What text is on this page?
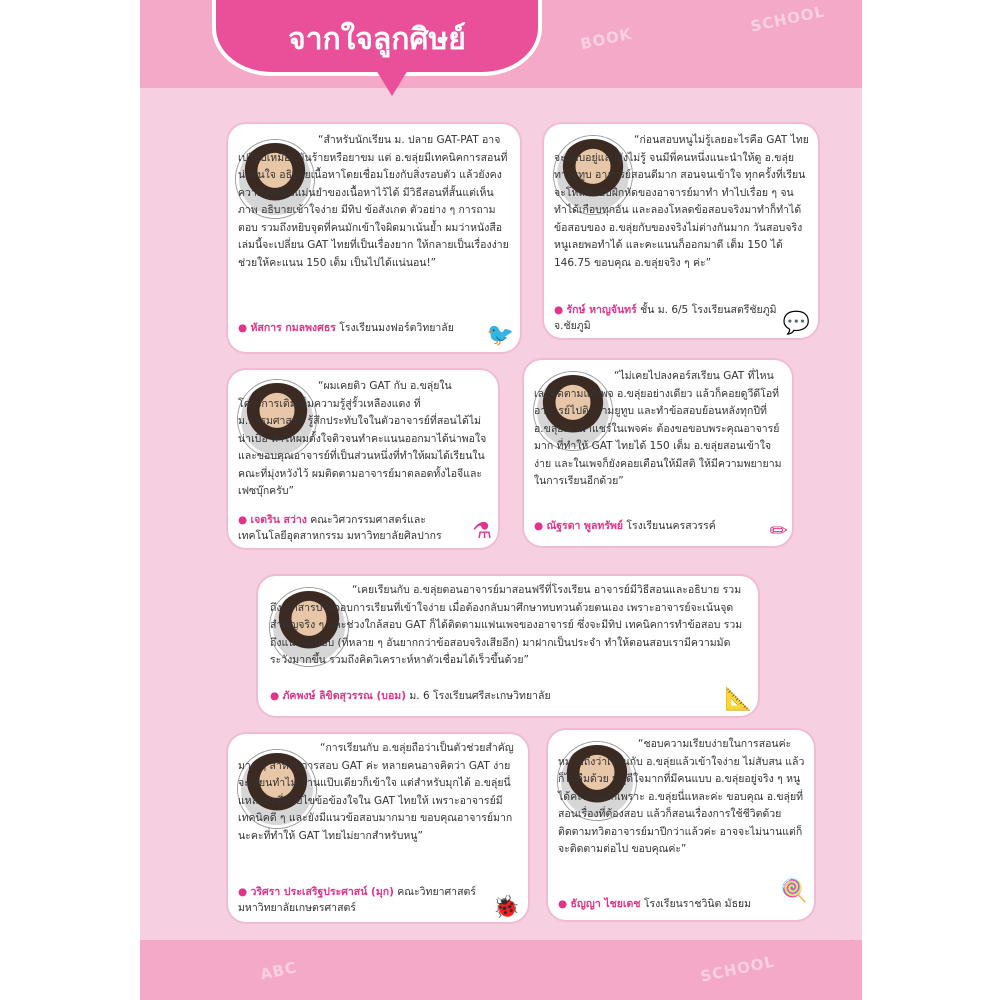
BOOK
SCHOOL
SCHOOL
ABC
จากใจลูกศิษย์
“สำหรับนักเรียน ม. ปลาย GAT-PAT อาจเปรียบเหมือนมันร้ายหรือยาขม แต่ อ.ขลุ่ยมีเทคนิคการสอนที่น่าสนใจ อธิบายเนื้อหาโดยเชื่อมโยงกับสิ่งรอบตัว แล้วยังคงความถูกต้องแม่นยำของเนื้อหาไว้ได้ มีวิธีสอนที่สั้นแต่เห็นภาพ อธิบายเข้าใจง่าย มีทิป ข้อสังเกต ตัวอย่าง ๆ การถามตอบ รวมถึงหยิบจุดที่คนมักเข้าใจผิดมาเน้นย้ำ ผมว่าหนังสือเล่มนี้จะเปลี่ยน GAT ไทยที่เป็นเรื่องยาก ให้กลายเป็นเรื่องง่าย ช่วยให้คะแนน 150 เต็ม เป็นไปได้แน่นอน!”
● หัสการ กมลพงศธร โรงเรียนมงฟอร์ตวิทยาลัย	🐦
“ก่อนสอบหนูไม่รู้เลยอะไรคือ GAT ไทย จะสอบอยู่แล้วยังไม่รู้ จนมีพี่คนหนึ่งแนะนำให้ดู อ.ขลุ่ยทางยูทูบ อาจารย์สอนดีมาก สอนจนเข้าใจ ทุกครั้งที่เรียนจะโหลดแบบฝึกหัดของอาจารย์มาทำ ทำไปเรื่อย ๆ จนทำได้เกือบทุกอัน และลองโหลดข้อสอบจริงมาทำก็ทำได้ข้อสอบของ อ.ขลุ่ยกับของจริงไม่ต่างกันมาก วันสอบจริงหนูเลยพอทำได้ และคะแนนก็ออกมาดี เต็ม 150 ได้ 146.75 ขอบคุณ อ.ขลุ่ยจริง ๆ ค่ะ”
● รักษ์ หาญจันทร์ ชั้น ม. 6/5 โรงเรียนสตรีชัยภูมิ จ.ชัยภูมิ	💬
“ผมเคยติว GAT กับ อ.ขลุ่ยในโครงการเติมเต็มความรู้สู่รั้วเหลืองแดง ที่ ม.ธรรมศาสตร์ รู้สึกประทับใจในตัวอาจารย์ที่สอนได้ไม่น่าเบื่อ ทำให้ผมตั้งใจติวจนทำคะแนนออกมาได้น่าพอใจ และขอบคุณอาจารย์ที่เป็นส่วนหนึ่งที่ทำให้ผมได้เรียนในคณะที่มุ่งหวังไว้ ผมติดตามอาจารย์มาตลอดทั้งไอจีและเฟซบุ๊กครับ”
● เจตริน สว่าง คณะวิศวกรรมศาสตร์และเทคโนโลยีอุตสาหกรรม มหาวิทยาลัยศิลปากร	⚗
“ไม่เคยไปลงคอร์สเรียน GAT ที่ไหนเลยติดตามแต่เพจ อ.ขลุ่ยอย่างเดียว แล้วก็คอยดูวีดีโอที่อาจารย์ไปติวตามยูทูบ และทำข้อสอบย้อนหลังทุกปีที่ อ.ขลุ่ยเอามาแชร์ในเพจค่ะ ต้องขอขอบพระคุณอาจารย์มาก ที่ทำให้ GAT ไทยได้ 150 เต็ม อ.ขลุ่ยสอนเข้าใจง่าย และในเพจก็ยังคอยเตือนให้มีสติ ให้มีความพยายามในการเรียนอีกด้วย”
● ณัฐรดา พูลทรัพย์ โรงเรียนนครสวรรค์	✏
“เคยเรียนกับ อ.ขลุ่ยตอนอาจารย์มาสอนฟรีที่โรงเรียน อาจารย์มีวิธีสอนและอธิบาย รวมถึงเอกสารประกอบการเรียนที่เข้าใจง่าย เมื่อต้องกลับมาศึกษาทบทวนด้วยตนเอง เพราะอาจารย์จะเน้นจุดสำคัญจริง ๆ และช่วงใกล้สอบ GAT ก็ได้ติดตามแฟนเพจของอาจารย์ ซึ่งจะมีทิป เทคนิคการทำข้อสอบ รวมถึงแนวข้อสอบ (ที่หลาย ๆ อันยากกว่าข้อสอบจริงเสียอีก) มาฝากเป็นประจำ ทำให้ตอนสอบเรามีความมัดระวังมากขึ้น รวมถึงคิดวิเคราะห์หาตัวเชื่อมได้เร็วขึ้นด้วย”
● ภัคพงษ์ ลิขิตสุวรรณ (บอม) ม. 6 โรงเรียนศรีสะเกษวิทยาลัย	📐
“การเรียนกับ อ.ขลุ่ยถือว่าเป็นตัวช่วยสำคัญมาก ๆ สำหรับการสอบ GAT ค่ะ หลายคนอาจคิดว่า GAT ง่าย จะเรียนทำไม อ่านแป๊บเดียวก็เข้าใจ แต่สำหรับมุกได้ อ.ขลุ่ยนี่แหละค่ะที่ช่วยไขข้อข้องใจใน GAT ไทยให้ เพราะอาจารย์มีเทคนิคดี ๆ และยังมีแนวข้อสอบมากมาย ขอบคุณอาจารย์มากนะคะที่ทำให้ GAT ไทยไม่ยากสำหรับหนู”
● วริศรา ประเสริฐประศาสน์ (มุก) คณะวิทยาศาสตร์ มหาวิทยาลัยเกษตรศาสตร์	🐞
“ชอบความเรียบง่ายในการสอนค่ะ หมายถึงว่าเรียนกับ อ.ขลุ่ยแล้วเข้าใจง่าย ไม่สับสน แล้วก็ไม่ลืมด้วย หนูดีใจมากที่มีคนแบบ อ.ขลุ่ยอยู่จริง ๆ หนูได้คะแนนดีก็เพราะ อ.ขลุ่ยนี่แหละค่ะ ขอบคุณ อ.ขลุ่ยที่สอนเรื่องที่ต้องสอบ แล้วก็สอนเรื่องการใช้ชีวิตด้วย ติดตามทวิตอาจารย์มาปีกว่าแล้วค่ะ อาจจะไม่นานแต่ก็จะติดตามต่อไป ขอบคุณค่ะ”
● ธัญญา ไชยเดช โรงเรียนราชวินิต มัธยม	🍭
